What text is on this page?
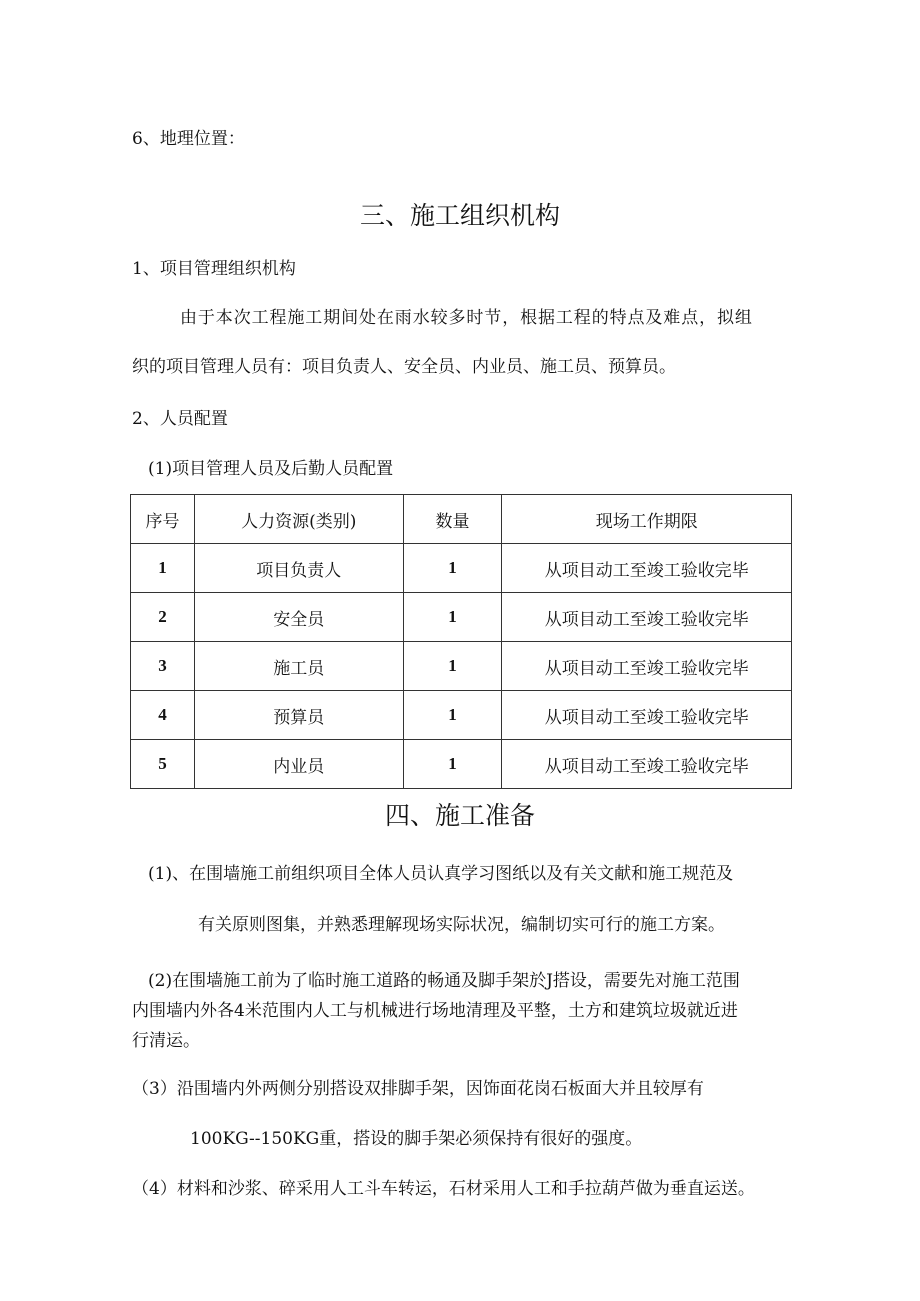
6、地理位置：
三、施工组织机构
1、项目管理组织机构
由于本次工程施工期间处在雨水较多时节，根据工程的特点及难点，拟组
织的项目管理人员有：项目负责人、安全员、内业员、施工员、预算员。
2、人员配置
(1)项目管理人员及后勤人员配置
序号	人力资源(类别)	数量	现场工作期限
1	项目负责人	1	从项目动工至竣工验收完毕
2	安全员	1	从项目动工至竣工验收完毕
3	施工员	1	从项目动工至竣工验收完毕
4	预算员	1	从项目动工至竣工验收完毕
5	内业员	1	从项目动工至竣工验收完毕
四、施工准备
(1)、在围墙施工前组织项目全体人员认真学习图纸以及有关文献和施工规范及
有关原则图集，并熟悉理解现场实际状况，编制切实可行的施工方案。
(2)在围墙施工前为了临时施工道路的畅通及脚手架於J搭设，需要先对施工范围
内围墙内外各4米范围内人工与机械进行场地清理及平整，土方和建筑垃圾就近进
行清运。
（3）沿围墙内外两侧分别搭设双排脚手架，因饰面花岗石板面大并且较厚有
100KG--150KG重，搭设的脚手架必须保持有很好的强度。
（4）材料和沙浆、碎采用人工斗车转运，石材采用人工和手拉葫芦做为垂直运送。
